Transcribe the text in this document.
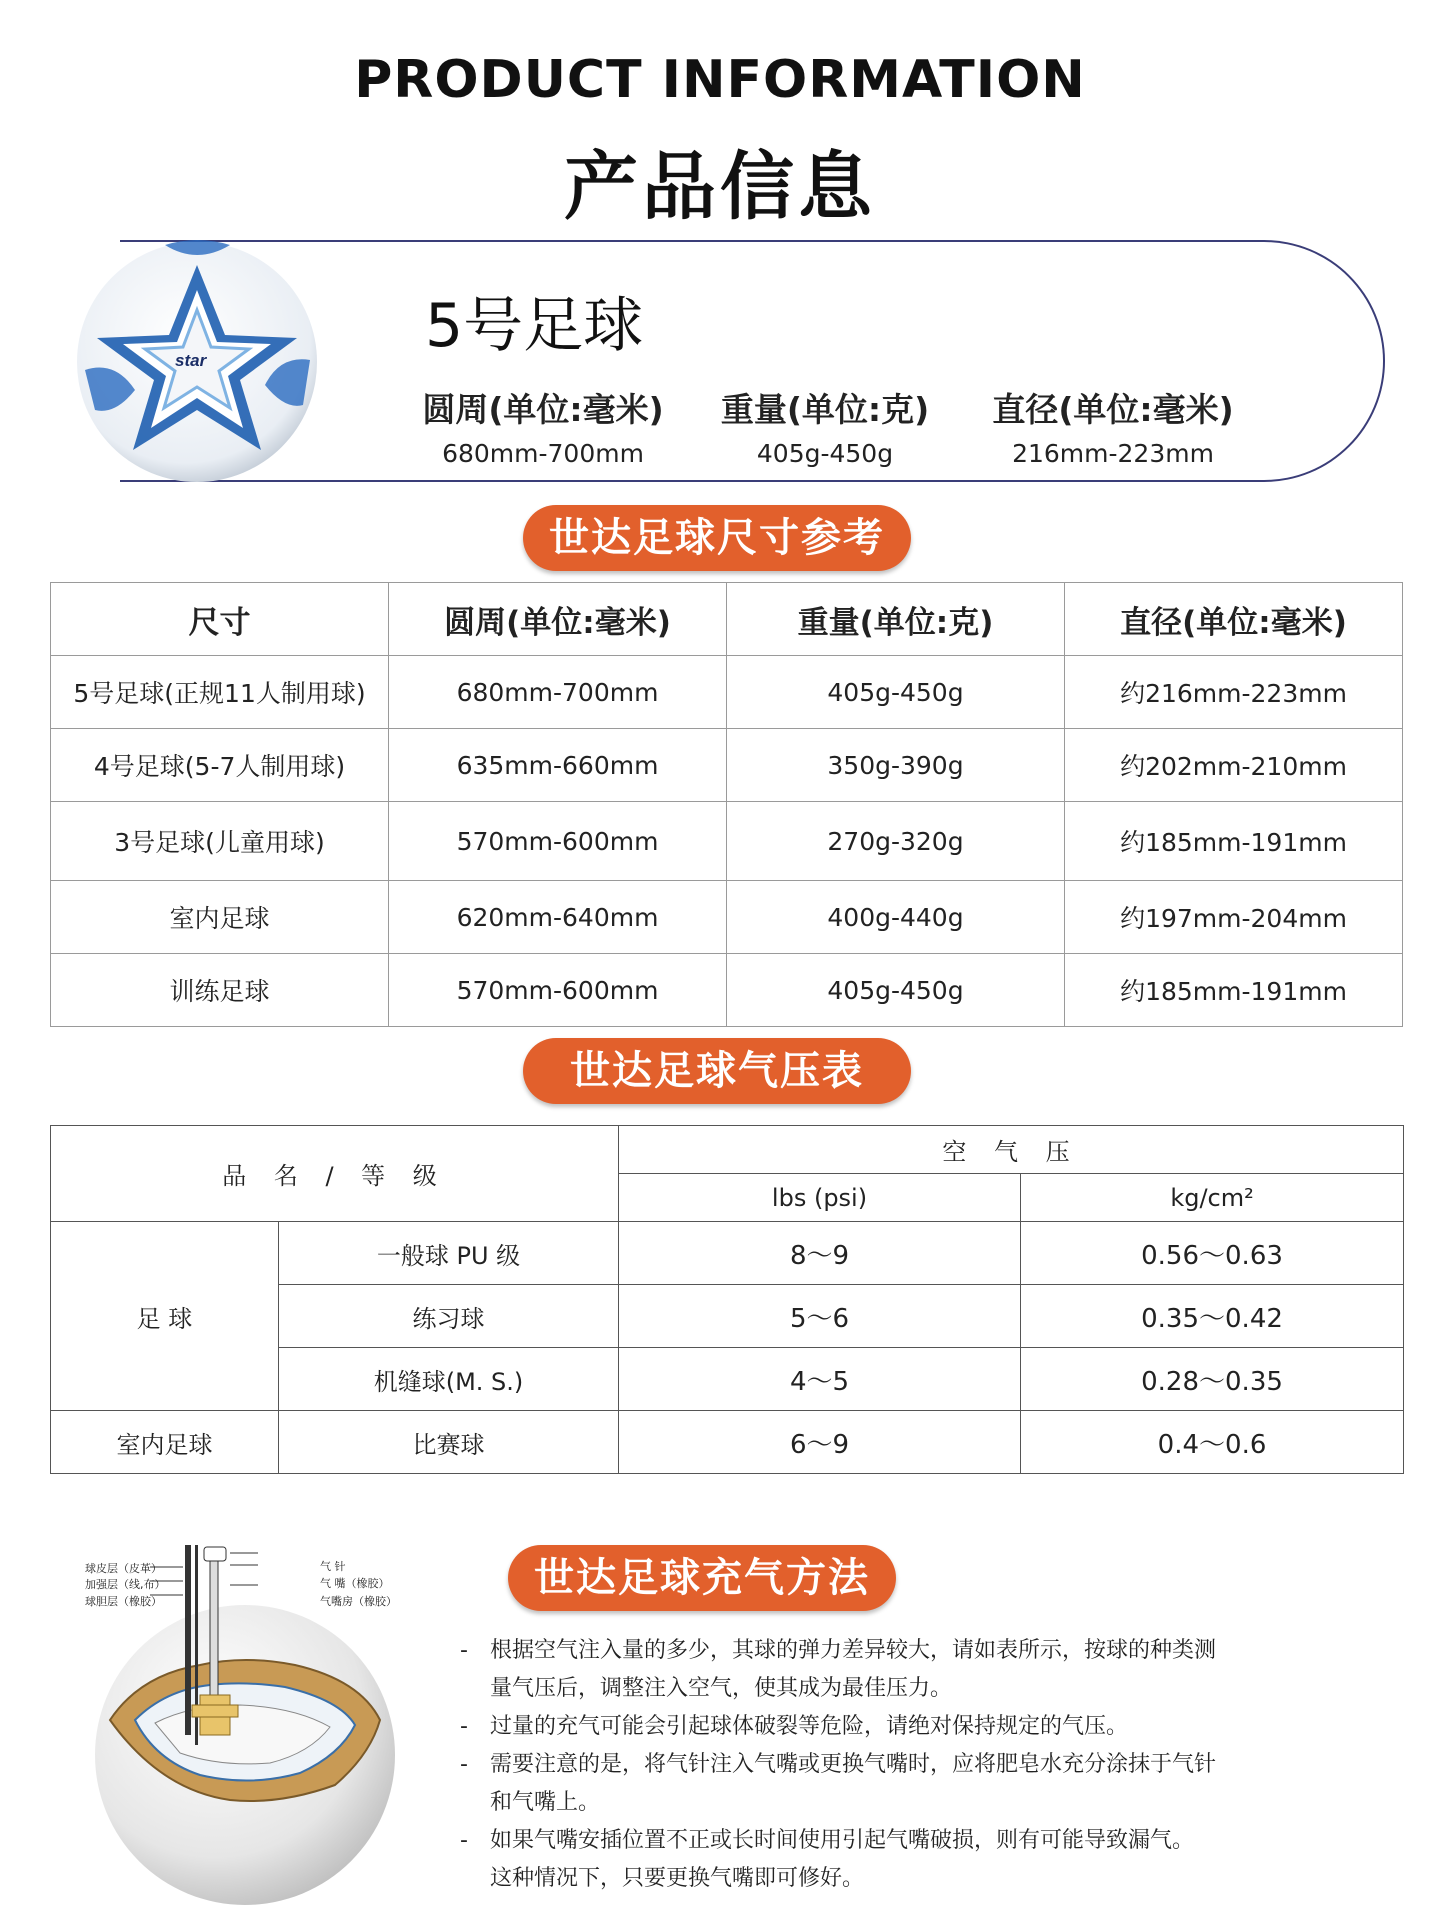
PRODUCT INFORMATION
产品信息
star	5号足球
圆周(单位:毫米)
680mm-700mm
重量(单位:克)
405g-450g
直径(单位:毫米)
216mm-223mm
世达足球尺寸参考
尺寸	圆周(单位:毫米)	重量(单位:克)	直径(单位:毫米)
5号足球(正规11人制用球)	680mm-700mm	405g-450g	约216mm-223mm
4号足球(5-7人制用球)	635mm-660mm	350g-390g	约202mm-210mm
3号足球(儿童用球)	570mm-600mm	270g-320g	约185mm-191mm
室内足球	620mm-640mm	400g-440g	约197mm-204mm
训练足球	570mm-600mm	405g-450g	约185mm-191mm
世达足球气压表
品 名 / 等 级		空 气 压	
		lbs (psi)	kg/cm²
足 球	一般球 PU 级	8～9	0.56～0.63
	练习球	5～6	0.35～0.42
	机缝球(M. S.)	4～5	0.28～0.35
室内足球	比赛球	6～9	0.4～0.6
世达足球充气方法
球皮层（皮革）
加强层（线,布）
球胆层（橡胶）
气 针
气 嘴（橡胶）
气嘴房（橡胶）
- 根据空气注入量的多少，其球的弹力差异较大，请如表所示，按球的种类测量气压后，调整注入空气，使其成为最佳压力。
- 过量的充气可能会引起球体破裂等危险，请绝对保持规定的气压。
- 需要注意的是，将气针注入气嘴或更换气嘴时，应将肥皂水充分涂抹于气针和气嘴上。
- 如果气嘴安插位置不正或长时间使用引起气嘴破损，则有可能导致漏气。 这种情况下，只要更换气嘴即可修好。
